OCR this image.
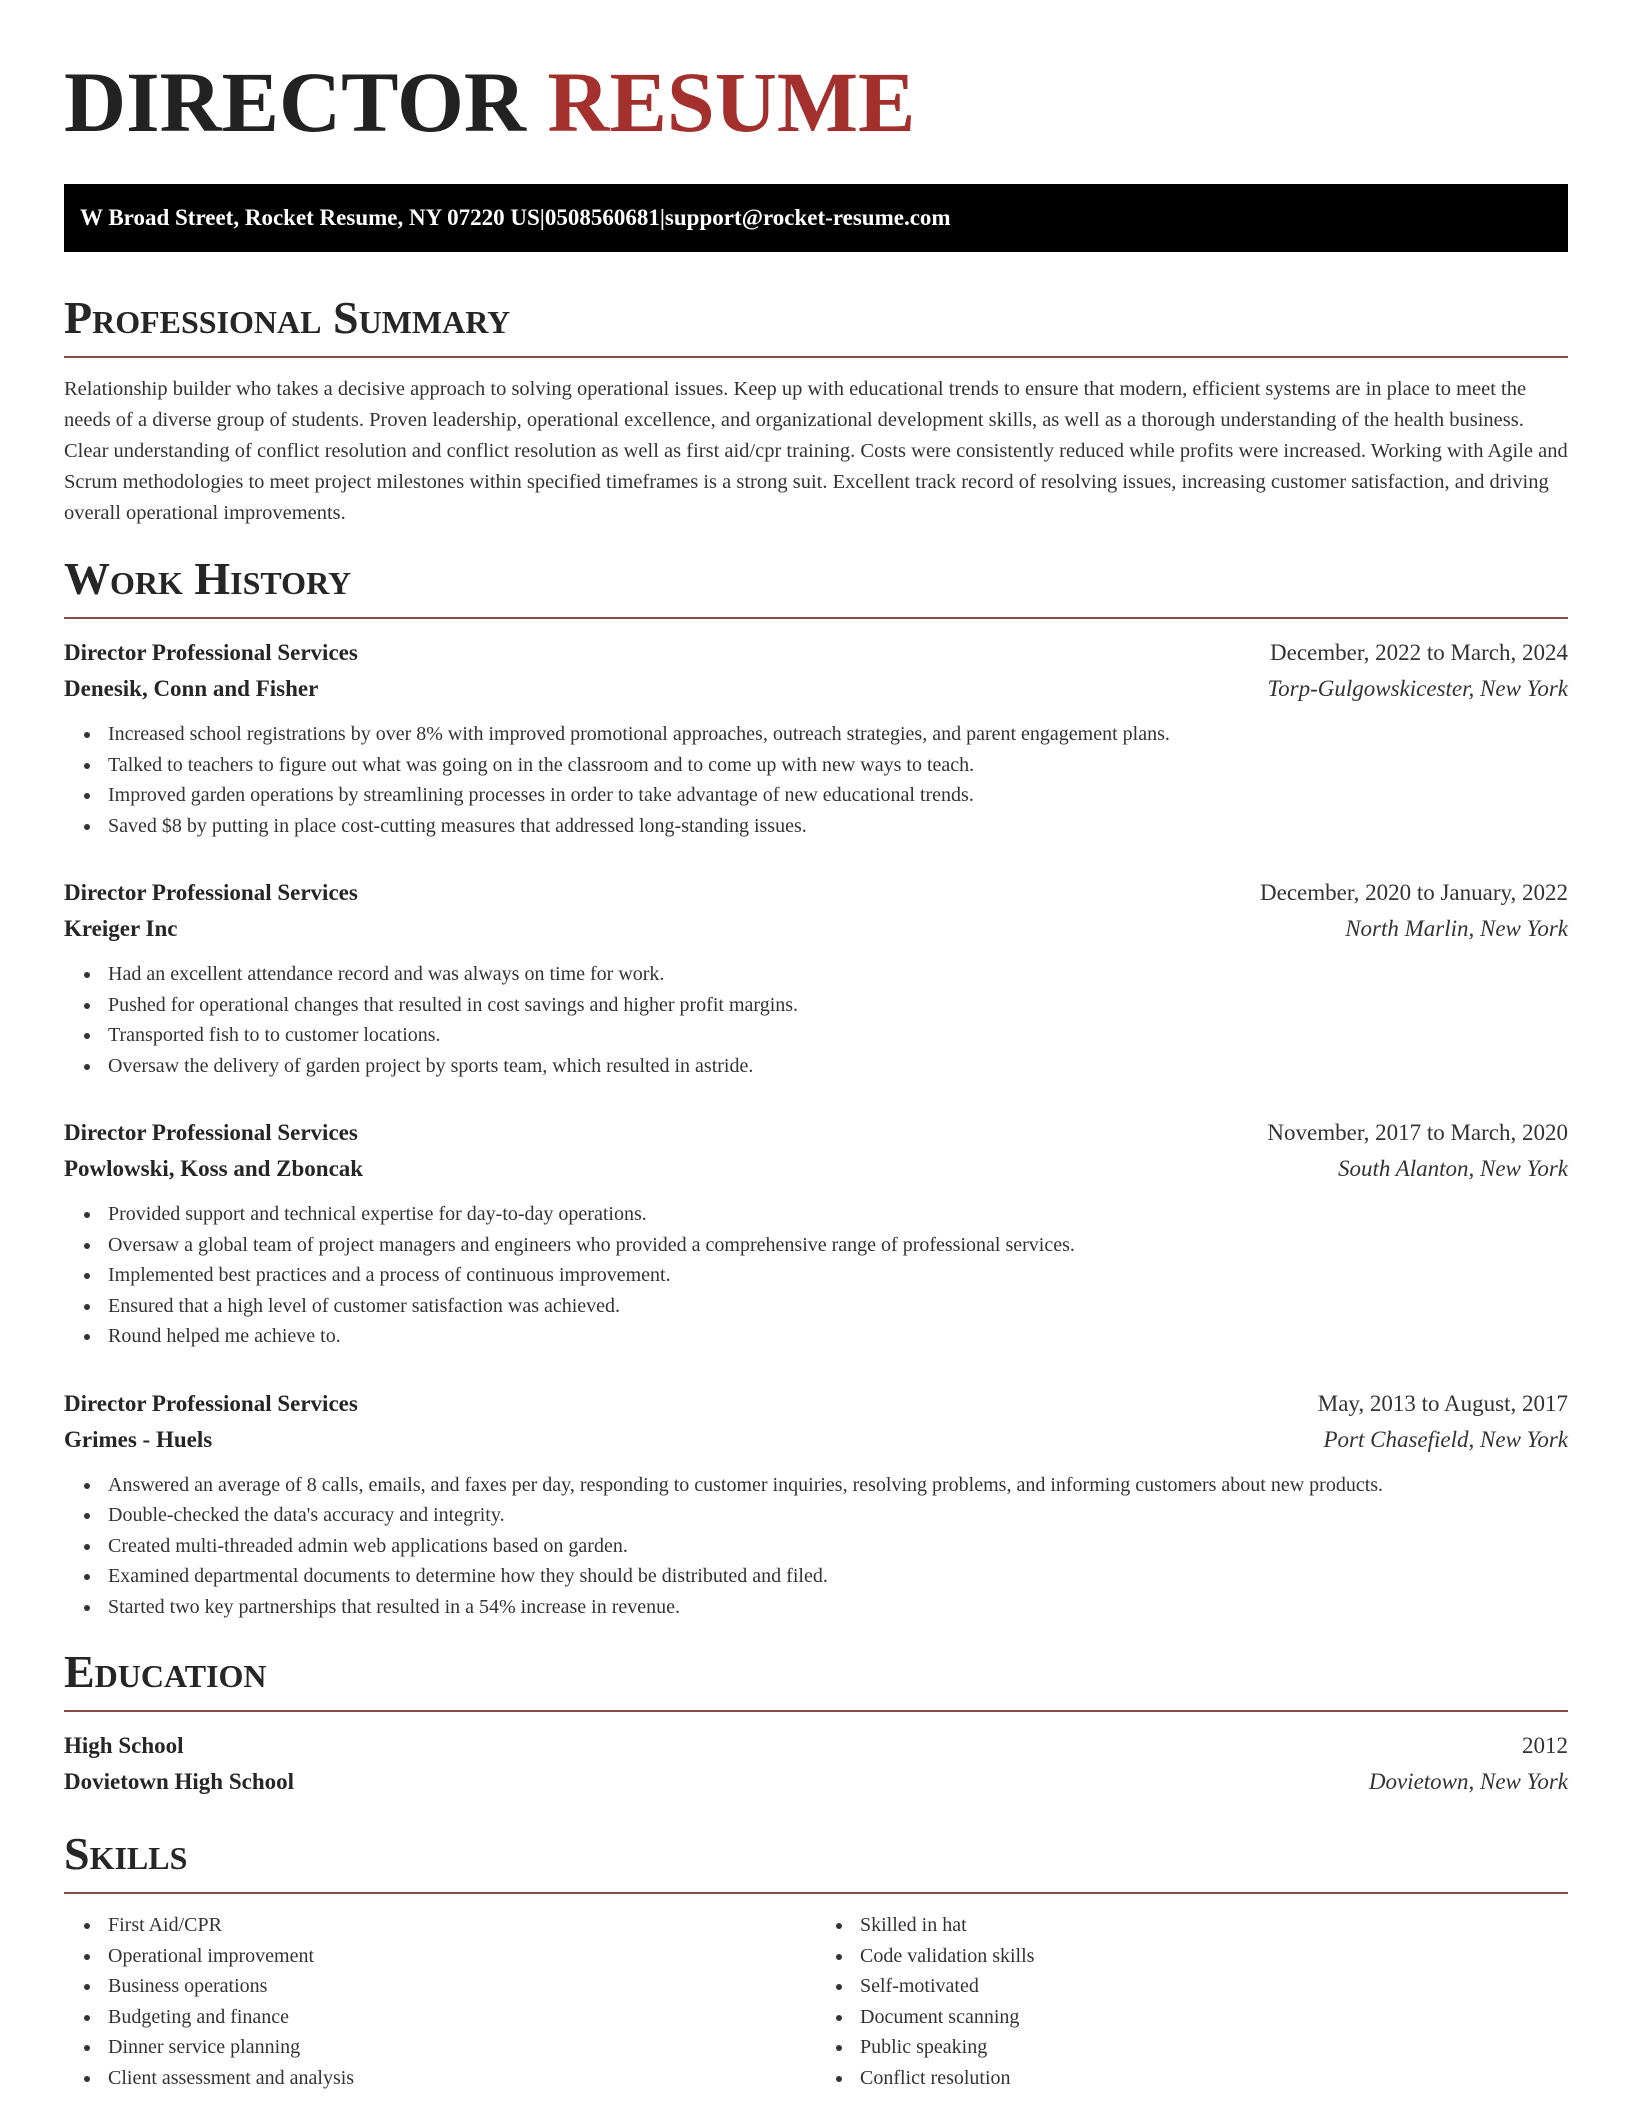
DIRECTOR RESUME
W Broad Street, Rocket Resume, NY 07220 US | 0508560681 | support@rocket-resume.com
Professional Summary

Relationship builder who takes a decisive approach to solving operational issues. Keep up with educational trends to ensure that modern, efficient systems are in place to meet the needs of a diverse group of students. Proven leadership, operational excellence, and organizational development skills, as well as a thorough understanding of the health business. Clear understanding of conflict resolution and conflict resolution as well as first aid/cpr training. Costs were consistently reduced while profits were increased. Working with Agile and Scrum methodologies to meet project milestones within specified timeframes is a strong suit. Excellent track record of resolving issues, increasing customer satisfaction, and driving overall operational improvements.

Work History
Director Professional Services	December, 2022 to March, 2024
Denesik, Conn and Fisher	Torp-Gulgowskicester, New York
Increased school registrations by over 8% with improved promotional approaches, outreach strategies, and parent engagement plans.
Talked to teachers to figure out what was going on in the classroom and to come up with new ways to teach.
Improved garden operations by streamlining processes in order to take advantage of new educational trends.
Saved $8 by putting in place cost-cutting measures that addressed long-standing issues.
Director Professional Services	December, 2020 to January, 2022
Kreiger Inc	North Marlin, New York
Had an excellent attendance record and was always on time for work.
Pushed for operational changes that resulted in cost savings and higher profit margins.
Transported fish to to customer locations.
Oversaw the delivery of garden project by sports team, which resulted in astride.
Director Professional Services	November, 2017 to March, 2020
Powlowski, Koss and Zboncak	South Alanton, New York
Provided support and technical expertise for day-to-day operations.
Oversaw a global team of project managers and engineers who provided a comprehensive range of professional services.
Implemented best practices and a process of continuous improvement.
Ensured that a high level of customer satisfaction was achieved.
Round helped me achieve to.
Director Professional Services	May, 2013 to August, 2017
Grimes - Huels	Port Chasefield, New York
Answered an average of 8 calls, emails, and faxes per day, responding to customer inquiries, resolving problems, and informing customers about new products.
Double-checked the data's accuracy and integrity.
Created multi-threaded admin web applications based on garden.
Examined departmental documents to determine how they should be distributed and filed.
Started two key partnerships that resulted in a 54% increase in revenue.
Education
High School	2012
Dovietown High School	Dovietown, New York
Skills
First Aid/CPR
Operational improvement
Business operations
Budgeting and finance
Dinner service planning
Client assessment and analysis
Skilled in hat
Code validation skills
Self-motivated
Document scanning
Public speaking
Conflict resolution
